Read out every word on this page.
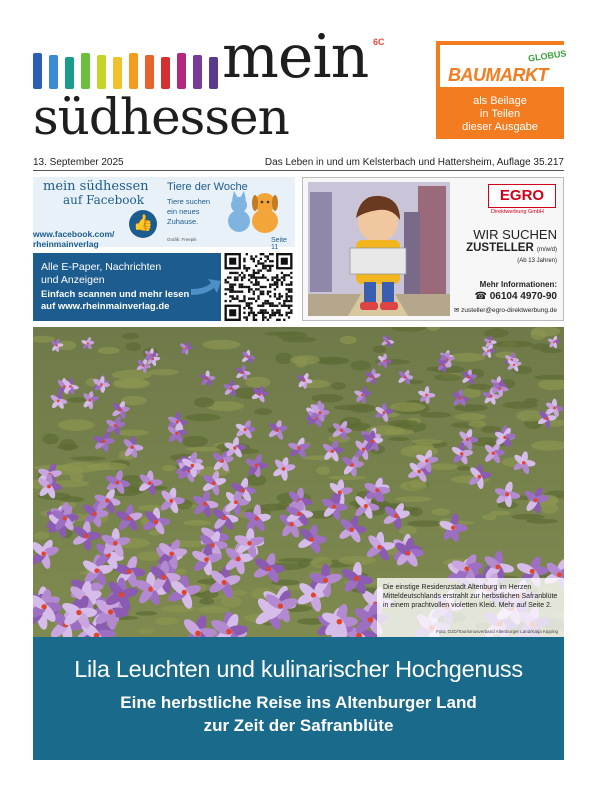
mein 6C
südhessen
GLOBUS
BAUMARKT
als Beilage
in Teilen
dieser Ausgabe
13. September 2025	Das Leben in und um Kelsterbach und Hattersheim, Auflage 35.217
mein südhessen
auf Facebook
www.facebook.com/
rheinmainverlag
👍
Tiere der Woche
Tiere suchen
ein neues
Zuhause.
Grafik: Freepik	Seite 11
Alle E-Paper, Nachrichten
und Anzeigen
Einfach scannen und mehr lesen
auf www.rheinmainverlag.de
EGRO
Direktwerbung GmbH
WIR SUCHEN
ZUSTELLER (m/w/d)
(Ab 13 Jahren)
Mehr Informationen:
☎ 06104 4970-90
✉ zusteller@egro-direktwerbung.de
Die einstige Residenzstadt Altenburg im Herzen Mitteldeutschlands erstrahlt zur herbstlichen Safranblüte in einem prachtvollen violetten Kleid. Mehr auf Seite 2.
Foto: OJD/Tourismusverband Altenburger Land/Katja Kipping
Lila Leuchten und kulinarischer Hochgenuss
Eine herbstliche Reise ins Altenburger Land
zur Zeit der Safranblüte
